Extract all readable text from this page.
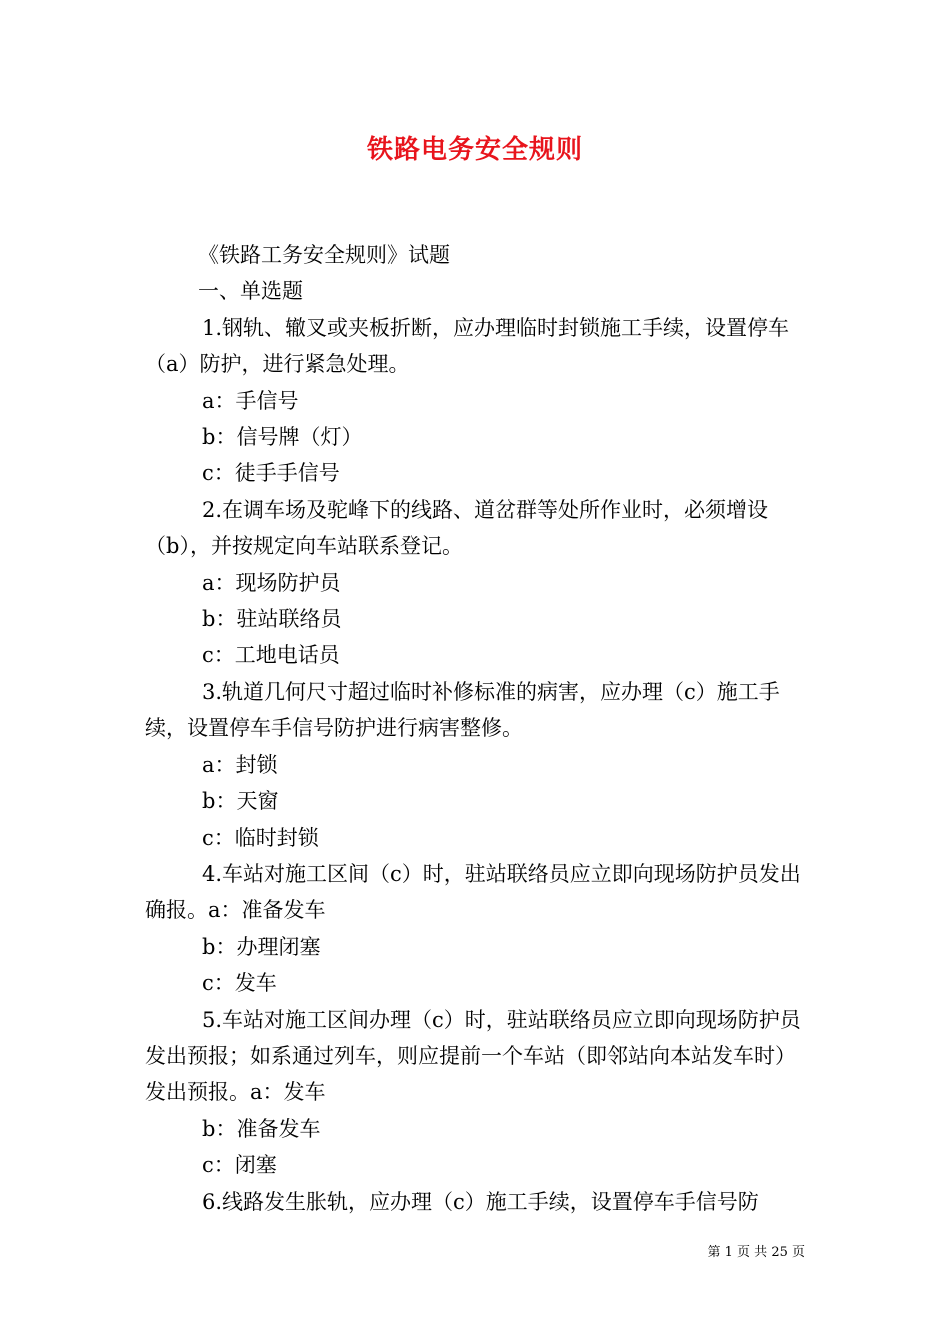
铁路电务安全规则

《铁路工务安全规则》试题

一、单选题

1.钢轨、辙叉或夹板折断，应办理临时封锁施工手续，设置停车（a）防护，进行紧急处理。

a：手信号

b：信号牌（灯）

c：徒手手信号

2.在调车场及驼峰下的线路、道岔群等处所作业时，必须增设（b），并按规定向车站联系登记。

a：现场防护员

b：驻站联络员

c：工地电话员

3.轨道几何尺寸超过临时补修标准的病害，应办理（c）施工手续，设置停车手信号防护进行病害整修。

a：封锁

b：天窗

c：临时封锁

4.车站对施工区间（c）时，驻站联络员应立即向现场防护员发出确报。a：准备发车

b：办理闭塞

c：发车

5.车站对施工区间办理（c）时，驻站联络员应立即向现场防护员发出预报；如系通过列车，则应提前一个车站（即邻站向本站发车时）发出预报。a：发车

b：准备发车

c：闭塞

6.线路发生胀轨，应办理（c）施工手续，设置停车手信号防

第 1 页 共 25 页
